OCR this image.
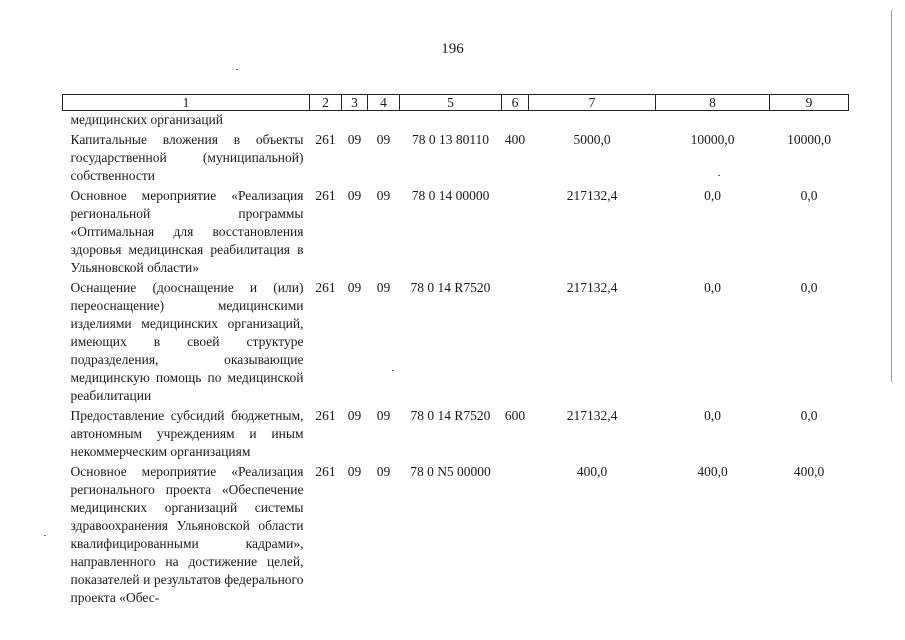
196
1	2	3	4	5	6	7	8	9
медицинских организаций								
Капитальные вложения в объекты государственной (муниципальной) собственности	261	09	09	78 0 13 80110	400	5000,0	10000,0	10000,0
Основное мероприятие «Реализация региональной программы «Оптимальная для восстановления здоровья медицинская реабилитация в Ульяновской области»	261	09	09	78 0 14 00000		217132,4	0,0	0,0
Оснащение (дооснащение и (или) переоснащение) медицинскими изделиями медицинских организаций, имеющих в своей структуре подразделения, оказывающие медицинскую помощь по медицинской реабилитации	261	09	09	78 0 14 R7520		217132,4	0,0	0,0
Предоставление субсидий бюджетным, автономным учреждениям и иным некоммерческим организациям	261	09	09	78 0 14 R7520	600	217132,4	0,0	0,0
Основное мероприятие «Реализация регионального проекта «Обеспечение медицинских организаций системы здравоохранения Ульяновской области квалифицированными кадрами», направленного на достижение целей, показателей и результатов федерального проекта «Обес-	261	09	09	78 0 N5 00000		400,0	400,0	400,0
